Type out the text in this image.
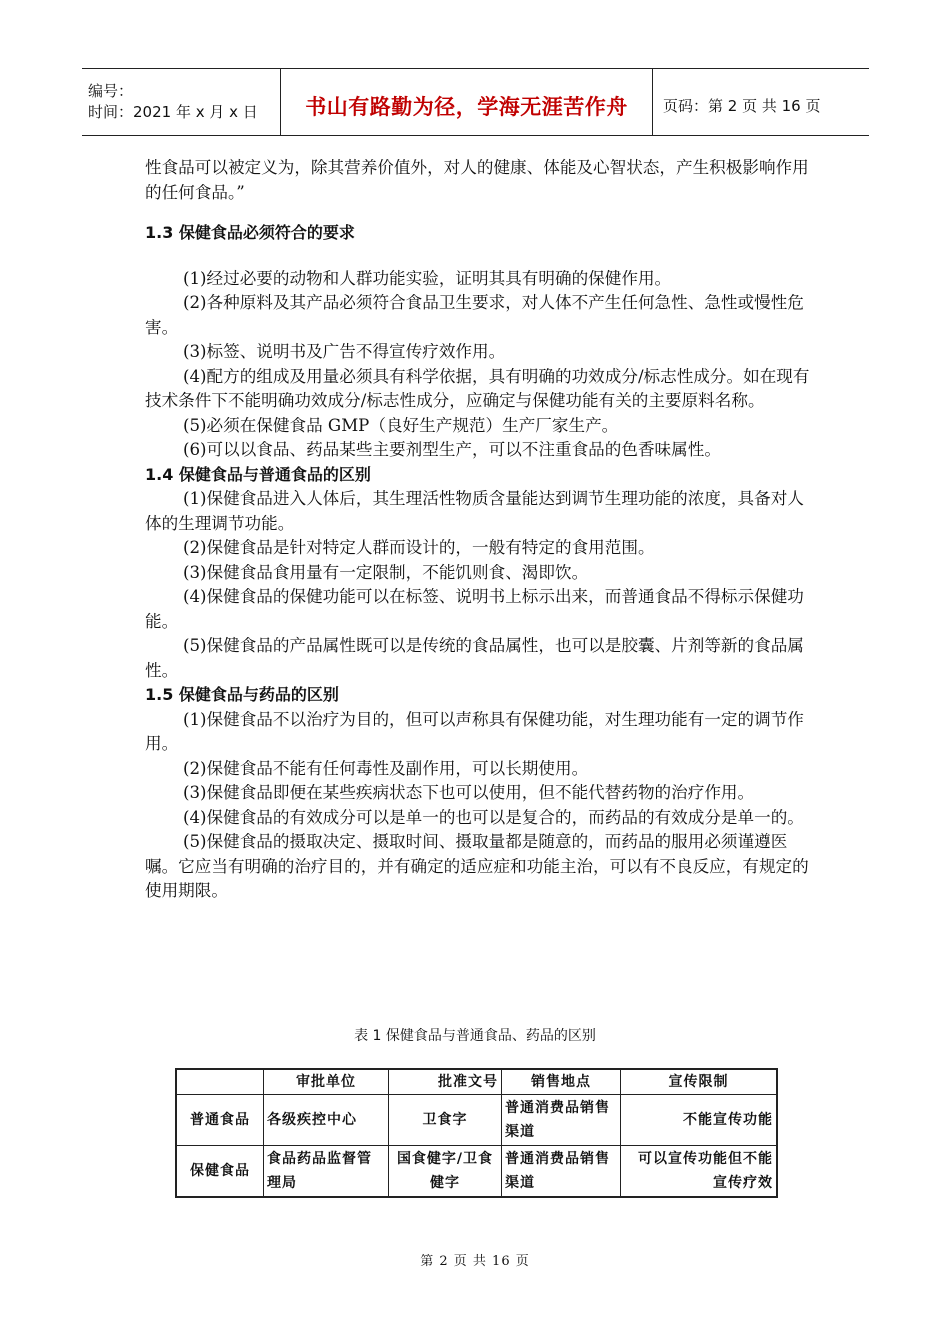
编号：
时间：2021 年 x 月 x 日	书山有路勤为径，学海无涯苦作舟	页码：第 2 页 共 16 页

性食品可以被定义为，除其营养价值外，对人的健康、体能及心智状态，产生积极影响作用的任何食品。”

1.3 保健食品必须符合的要求

(1)经过必要的动物和人群功能实验，证明其具有明确的保健作用。

(2)各种原料及其产品必须符合食品卫生要求，对人体不产生任何急性、急性或慢性危害。

(3)标签、说明书及广告不得宣传疗效作用。

(4)配方的组成及用量必须具有科学依据，具有明确的功效成分/标志性成分。如在现有技术条件下不能明确功效成分/标志性成分，应确定与保健功能有关的主要原料名称。

(5)必须在保健食品 GMP（良好生产规范）生产厂家生产。

(6)可以以食品、药品某些主要剂型生产，可以不注重食品的色香味属性。

1.4 保健食品与普通食品的区别

(1)保健食品进入人体后，其生理活性物质含量能达到调节生理功能的浓度，具备对人体的生理调节功能。

(2)保健食品是针对特定人群而设计的，一般有特定的食用范围。

(3)保健食品食用量有一定限制，不能饥则食、渴即饮。

(4)保健食品的保健功能可以在标签、说明书上标示出来，而普通食品不得标示保健功能。

(5)保健食品的产品属性既可以是传统的食品属性，也可以是胶囊、片剂等新的食品属性。

1.5 保健食品与药品的区别

(1)保健食品不以治疗为目的，但可以声称具有保健功能，对生理功能有一定的调节作用。

(2)保健食品不能有任何毒性及副作用，可以长期使用。

(3)保健食品即便在某些疾病状态下也可以使用，但不能代替药物的治疗作用。

(4)保健食品的有效成分可以是单一的也可以是复合的，而药品的有效成分是单一的。

(5)保健食品的摄取决定、摄取时间、摄取量都是随意的，而药品的服用必须谨遵医嘱。它应当有明确的治疗目的，并有确定的适应症和功能主治，可以有不良反应，有规定的使用期限。

表 1 保健食品与普通食品、药品的区别
	审批单位	批准文号	销售地点	宣传限制
普通食品	各级疾控中心	卫食字	普通消费品销售渠道	不能宣传功能
保健食品	食品药品监督管理局	国食健字/卫食健字	普通消费品销售渠道	可以宣传功能但不能宣传疗效
第 2 页 共 16 页
